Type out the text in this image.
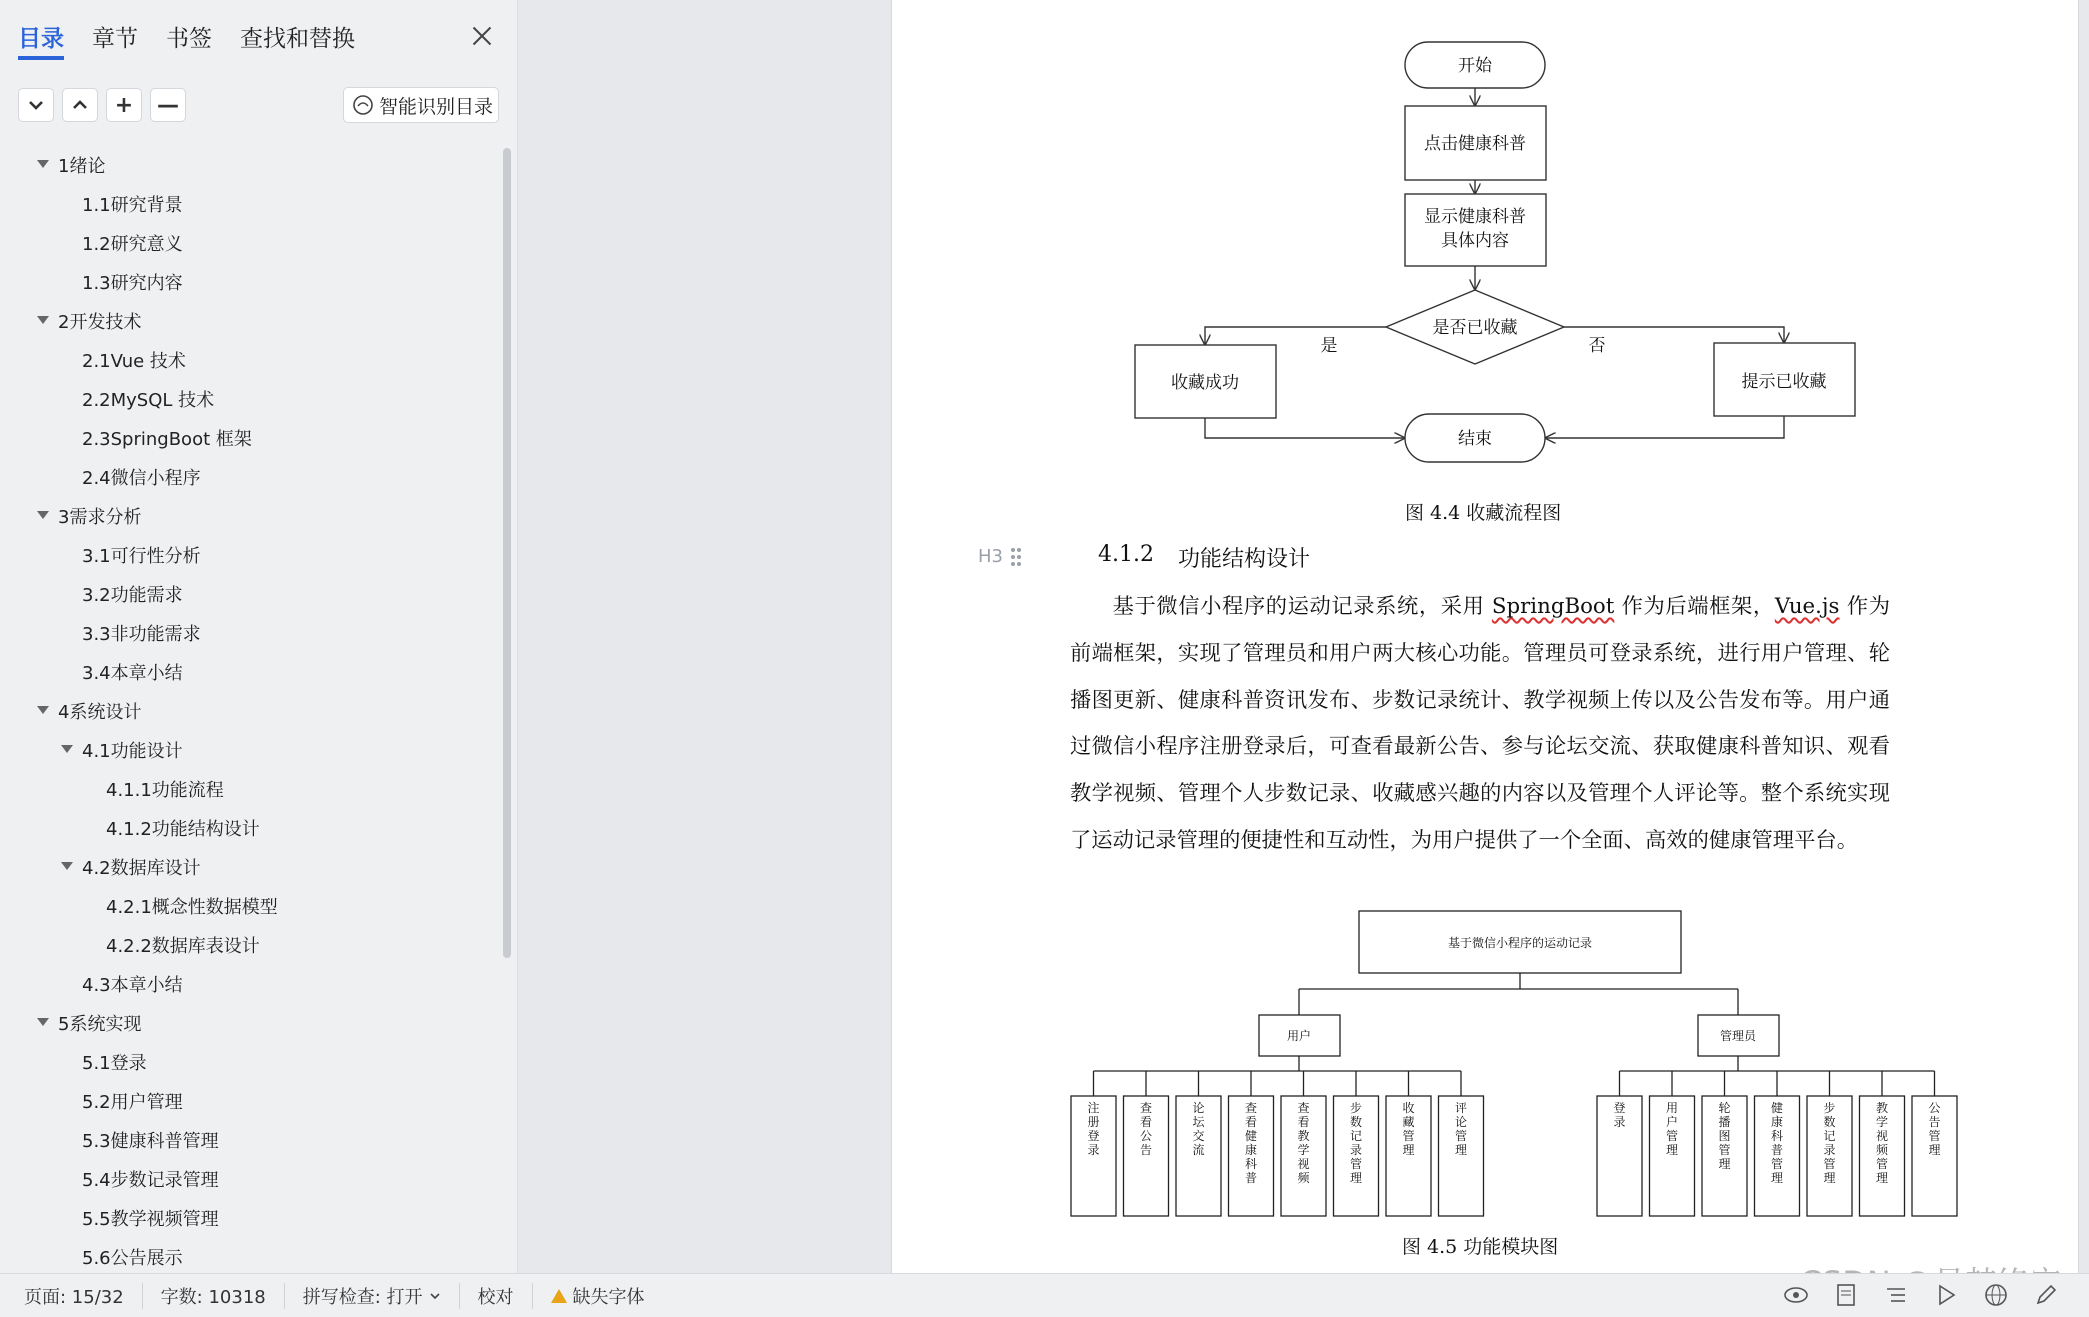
目录 章节 书签 查找和替换
+	—	智能识别目录
1绪论
1.1研究背景
1.2研究意义
1.3研究内容
2开发技术
2.1Vue 技术
2.2MySQL 技术
2.3SpringBoot 框架
2.4微信小程序
3需求分析
3.1可行性分析
3.2功能需求
3.3非功能需求
3.4本章小结
4系统设计
4.1功能设计
4.1.1功能流程
4.1.2功能结构设计
4.2数据库设计
4.2.1概念性数据模型
4.2.2数据库表设计
4.3本章小结
5系统实现
5.1登录
5.2用户管理
5.3健康科普管理
5.4步数记录管理
5.5教学视频管理
5.6公告展示
开始
点击健康科普
显示健康科普
具体内容
是否已收藏
是	否
收藏成功	提示已收藏
结束
图 4.4 收藏流程图
H3	4.1.2 功能结构设计
基于微信小程序的运动记录系统，采用 SpringBoot 作为后端框架，Vue.js 作为前端框架，实现了管理员和用户两大核心功能。管理员可登录系统，进行用户管理、轮播图更新、健康科普资讯发布、步数记录统计、教学视频上传以及公告发布等。用户通过微信小程序注册登录后，可查看最新公告、参与论坛交流、获取健康科普知识、观看教学视频、管理个人步数记录、收藏感兴趣的内容以及管理个人评论等。整个系统实现了运动记录管理的便捷性和互动性，为用户提供了一个全面、高效的健康管理平台。
基于微信小程序的运动记录
用户	管理员
注册登录
查看公告
论坛交流
查看健康科普
查看教学视频
步数记录管理
收藏管理
评论管理
登录
用户管理
轮播图管理
健康科普管理
步数记录管理
教学视频管理
公告管理
图 4.5 功能模块图
页面: 15/32	字数: 10318	拼写检查: 打开	校对	缺失字体
